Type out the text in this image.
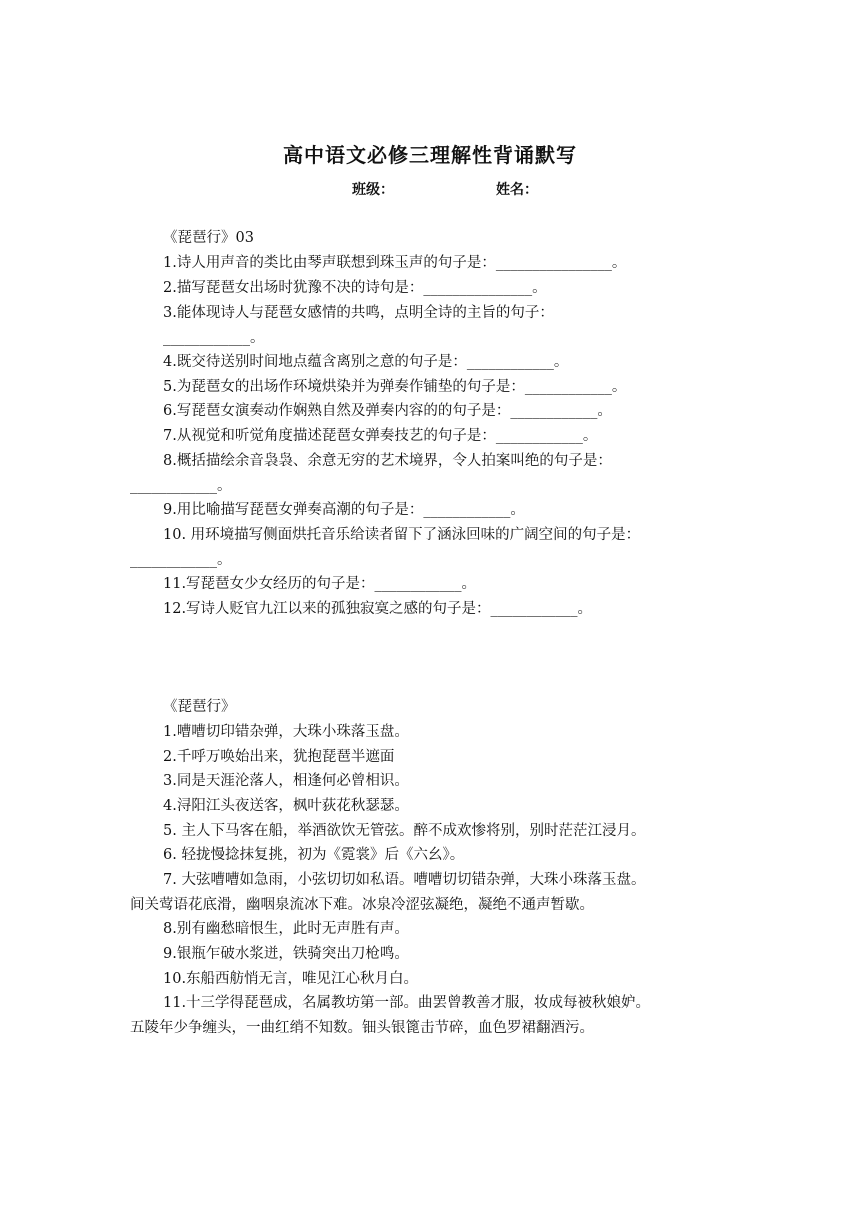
高中语文必修三理解性背诵默写
班级：	姓名：
《琵琶行》03
1.诗人用声音的类比由琴声联想到珠玉声的句子是：________________。
2.描写琵琶女出场时犹豫不决的诗句是：_______________。
3.能体现诗人与琵琶女感情的共鸣，点明全诗的主旨的句子：
____________。
4.既交待送别时间地点蕴含离别之意的句子是：____________。
5.为琵琶女的出场作环境烘染并为弹奏作铺垫的句子是：____________。
6.写琵琶女演奏动作娴熟自然及弹奏内容的的句子是：____________。
7.从视觉和听觉角度描述琵琶女弹奏技艺的句子是：____________。
8.概括描绘余音袅袅、余意无穷的艺术境界，令人拍案叫绝的句子是：
____________。
9.用比喻描写琵琶女弹奏高潮的句子是：____________。
10. 用环境描写侧面烘托音乐给读者留下了涵泳回味的广阔空间的句子是：
____________。
11.写琵琶女少女经历的句子是：____________。
12.写诗人贬官九江以来的孤独寂寞之感的句子是：____________。
《琵琶行》
1.嘈嘈切印错杂弹，大珠小珠落玉盘。
2.千呼万唤始出来，犹抱琵琶半遮面
3.同是天涯沦落人，相逢何必曾相识。
4.浔阳江头夜送客，枫叶荻花秋瑟瑟。
5. 主人下马客在船，举酒欲饮无管弦。醉不成欢惨将别，别时茫茫江浸月。
6. 轻拢慢捻抹复挑，初为《霓裳》后《六幺》。
7. 大弦嘈嘈如急雨，小弦切切如私语。嘈嘈切切错杂弹，大珠小珠落玉盘。
间关莺语花底滑，幽咽泉流冰下难。冰泉冷涩弦凝绝，凝绝不通声暂歇。
8.别有幽愁暗恨生，此时无声胜有声。
9.银瓶乍破水浆迸，铁骑突出刀枪鸣。
10.东船西舫悄无言，唯见江心秋月白。
11.十三学得琵琶成，名属教坊第一部。曲罢曾教善才服，妆成每被秋娘妒。
五陵年少争缠头，一曲红绡不知数。钿头银篦击节碎，血色罗裙翻酒污。
